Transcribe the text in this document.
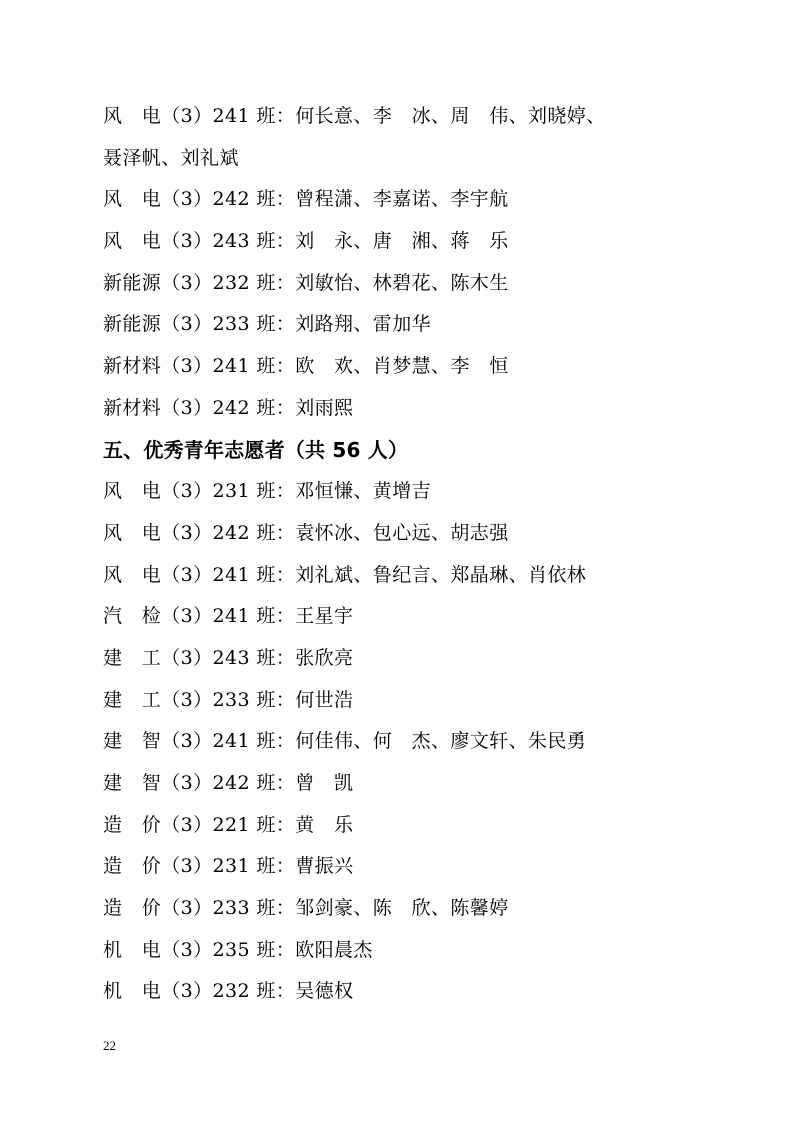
风　电（3）241 班：何长意、李　冰、周　伟、刘晓婷、
聂泽帆、刘礼斌
风　电（3）242 班：曾程潇、李嘉诺、李宇航
风　电（3）243 班：刘　永、唐　湘、蒋　乐
新能源（3）232 班：刘敏怡、林碧花、陈木生
新能源（3）233 班：刘路翔、雷加华
新材料（3）241 班：欧　欢、肖梦慧、李　恒
新材料（3）242 班：刘雨熙
五、优秀青年志愿者（共 56 人）
风　电（3）231 班：邓恒慊、黄增吉
风　电（3）242 班：袁怀冰、包心远、胡志强
风　电（3）241 班：刘礼斌、鲁纪言、郑晶琳、肖依林
汽　检（3）241 班：王星宇
建　工（3）243 班：张欣亮
建　工（3）233 班：何世浩
建　智（3）241 班：何佳伟、何　杰、廖文轩、朱民勇
建　智（3）242 班：曾　凯
造　价（3）221 班：黄　乐
造　价（3）231 班：曹振兴
造　价（3）233 班：邹剑豪、陈　欣、陈馨婷
机　电（3）235 班：欧阳晨杰
机　电（3）232 班：吴德权
22
